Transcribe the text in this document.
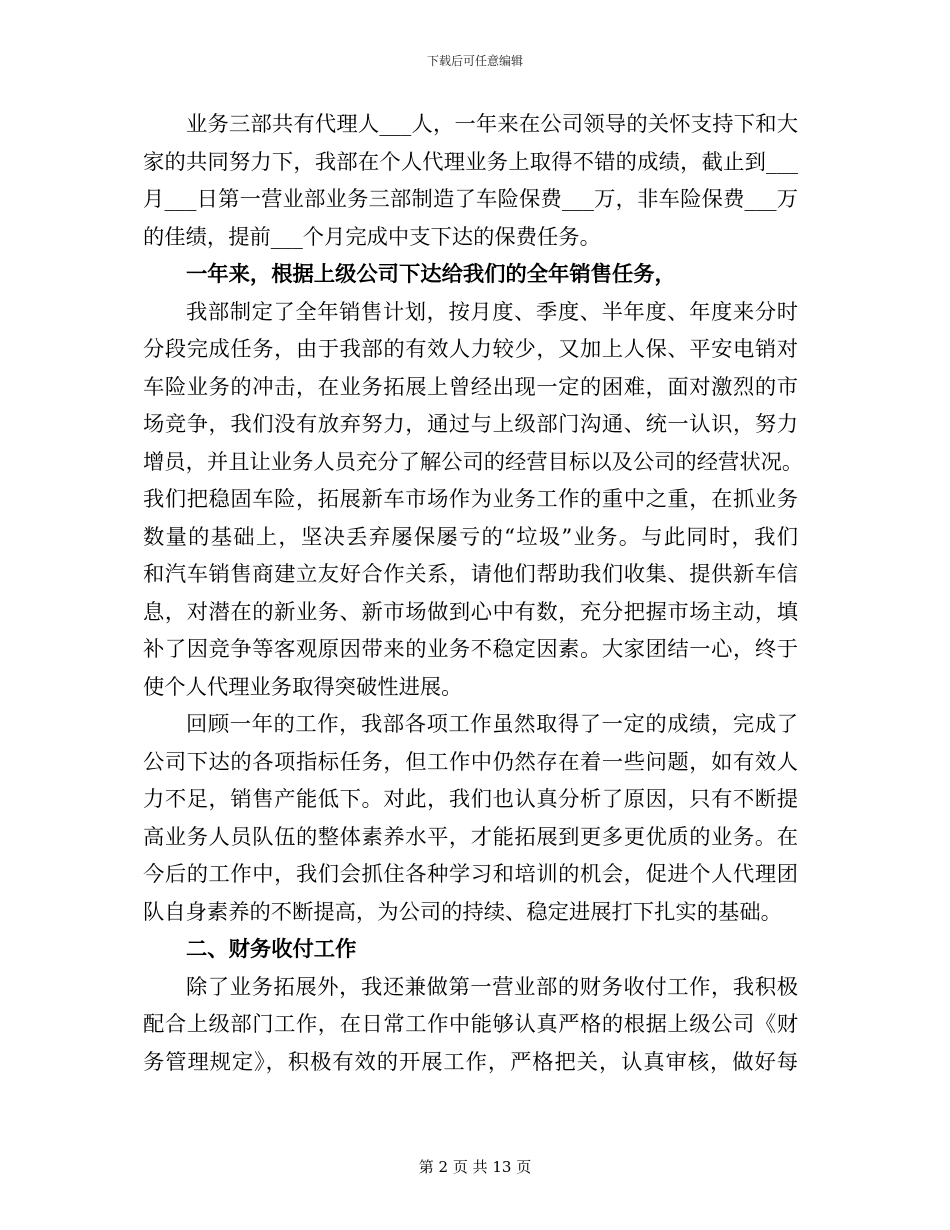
下载后可任意编辑
业务三部共有代理人___人，一年来在公司领导的关怀支持下和大
家的共同努力下，我部在个人代理业务上取得不错的成绩，截止到___
月___日第一营业部业务三部制造了车险保费___万，非车险保费___万
的佳绩，提前___个月完成中支下达的保费任务。
一年来，根据上级公司下达给我们的全年销售任务，
我部制定了全年销售计划，按月度、季度、半年度、年度来分时
分段完成任务，由于我部的有效人力较少，又加上人保、平安电销对
车险业务的冲击，在业务拓展上曾经出现一定的困难，面对激烈的市
场竞争，我们没有放弃努力，通过与上级部门沟通、统一认识，努力
增员，并且让业务人员充分了解公司的经营目标以及公司的经营状况。
我们把稳固车险，拓展新车市场作为业务工作的重中之重，在抓业务
数量的基础上，坚决丢弃屡保屡亏的“垃圾”业务。与此同时，我们
和汽车销售商建立友好合作关系，请他们帮助我们收集、提供新车信
息，对潜在的新业务、新市场做到心中有数，充分把握市场主动，填
补了因竞争等客观原因带来的业务不稳定因素。大家团结一心，终于
使个人代理业务取得突破性进展。
回顾一年的工作，我部各项工作虽然取得了一定的成绩，完成了
公司下达的各项指标任务，但工作中仍然存在着一些问题，如有效人
力不足，销售产能低下。对此，我们也认真分析了原因，只有不断提
高业务人员队伍的整体素养水平，才能拓展到更多更优质的业务。在
今后的工作中，我们会抓住各种学习和培训的机会，促进个人代理团
队自身素养的不断提高，为公司的持续、稳定进展打下扎实的基础。
二、财务收付工作
除了业务拓展外，我还兼做第一营业部的财务收付工作，我积极
配合上级部门工作，在日常工作中能够认真严格的根据上级公司《财
务管理规定》，积极有效的开展工作，严格把关，认真审核，做好每
第 2 页 共 13 页
